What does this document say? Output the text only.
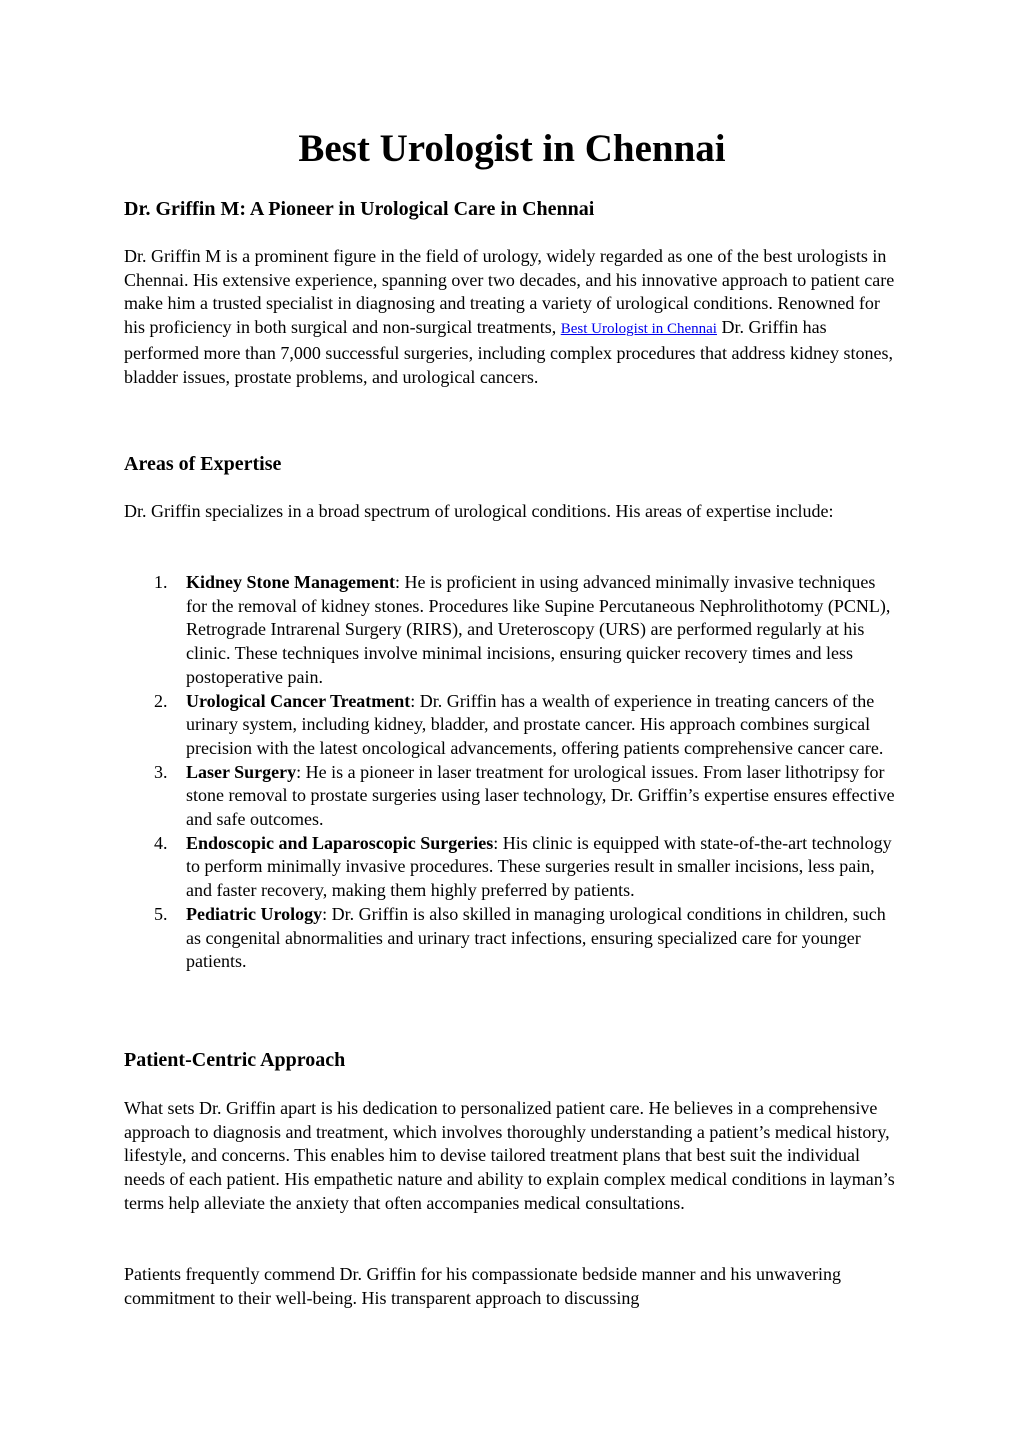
Best Urologist in Chennai
Dr. Griffin M: A Pioneer in Urological Care in Chennai

Dr. Griffin M is a prominent figure in the field of urology, widely regarded as one of the best urologists in Chennai. His extensive experience, spanning over two decades, and his innovative approach to patient care make him a trusted specialist in diagnosing and treating a variety of urological conditions. Renowned for his proficiency in both surgical and non-surgical treatments, Best Urologist in Chennai Dr. Griffin has performed more than 7,000 successful surgeries, including complex procedures that address kidney stones, bladder issues, prostate problems, and urological cancers.

Areas of Expertise

Dr. Griffin specializes in a broad spectrum of urological conditions. His areas of expertise include:

1. Kidney Stone Management: He is proficient in using advanced minimally invasive techniques for the removal of kidney stones. Procedures like Supine Percutaneous Nephrolithotomy (PCNL), Retrograde Intrarenal Surgery (RIRS), and Ureteroscopy (URS) are performed regularly at his clinic. These techniques involve minimal incisions, ensuring quicker recovery times and less postoperative pain.
2. Urological Cancer Treatment: Dr. Griffin has a wealth of experience in treating cancers of the urinary system, including kidney, bladder, and prostate cancer. His approach combines surgical precision with the latest oncological advancements, offering patients comprehensive cancer care.
3. Laser Surgery: He is a pioneer in laser treatment for urological issues. From laser lithotripsy for stone removal to prostate surgeries using laser technology, Dr. Griffin’s expertise ensures effective and safe outcomes.
4. Endoscopic and Laparoscopic Surgeries: His clinic is equipped with state-of-the-art technology to perform minimally invasive procedures. These surgeries result in smaller incisions, less pain, and faster recovery, making them highly preferred by patients.
5. Pediatric Urology: Dr. Griffin is also skilled in managing urological conditions in children, such as congenital abnormalities and urinary tract infections, ensuring specialized care for younger patients.
Patient-Centric Approach

What sets Dr. Griffin apart is his dedication to personalized patient care. He believes in a comprehensive approach to diagnosis and treatment, which involves thoroughly understanding a patient’s medical history, lifestyle, and concerns. This enables him to devise tailored treatment plans that best suit the individual needs of each patient. His empathetic nature and ability to explain complex medical conditions in layman’s terms help alleviate the anxiety that often accompanies medical consultations.

Patients frequently commend Dr. Griffin for his compassionate bedside manner and his unwavering commitment to their well-being. His transparent approach to discussing
